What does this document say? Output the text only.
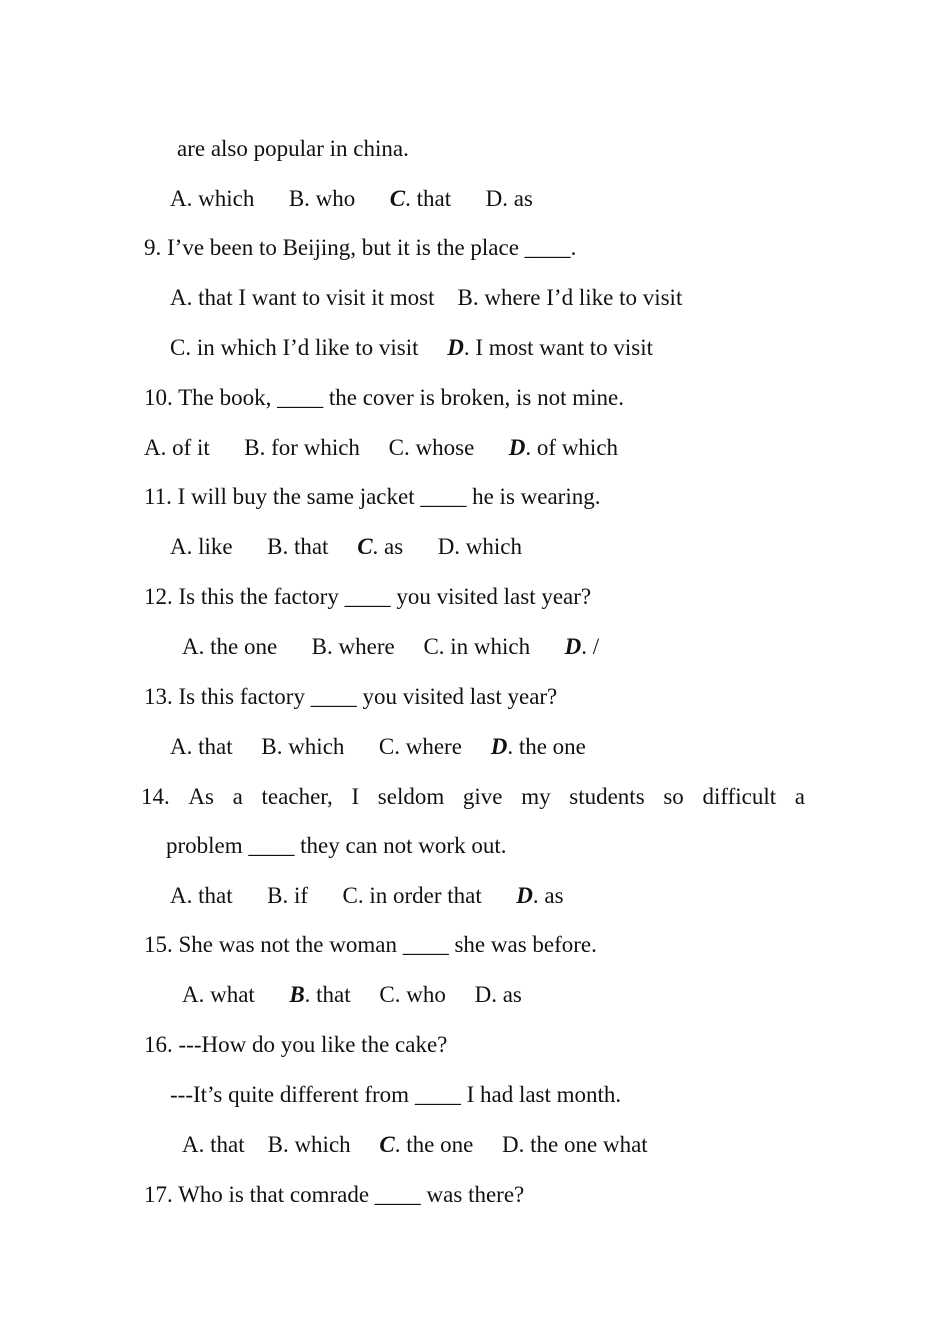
are also popular in china.
A. which      B. who      C. that      D. as
9. I’ve been to Beijing, but it is the place ____.
A. that I want to visit it most    B. where I’d like to visit
C. in which I’d like to visit     D. I most want to visit
10. The book, ____ the cover is broken, is not mine.
A. of it      B. for which     C. whose      D. of which
11. I will buy the same jacket ____ he is wearing.
A. like      B. that     C. as      D. which
12. Is this the factory ____ you visited last year?
A. the one      B. where     C. in which      D. /
13. Is this factory ____ you visited last year?
A. that     B. which      C. where     D. the one
14. As a teacher, I seldom give my students so difficult a
problem ____ they can not work out.
A. that      B. if      C. in order that      D. as
15. She was not the woman ____ she was before.
A. what      B. that     C. who     D. as
16. ---How do you like the cake?
---It’s quite different from ____ I had last month.
A. that    B. which     C. the one     D. the one what
17. Who is that comrade ____ was there?
